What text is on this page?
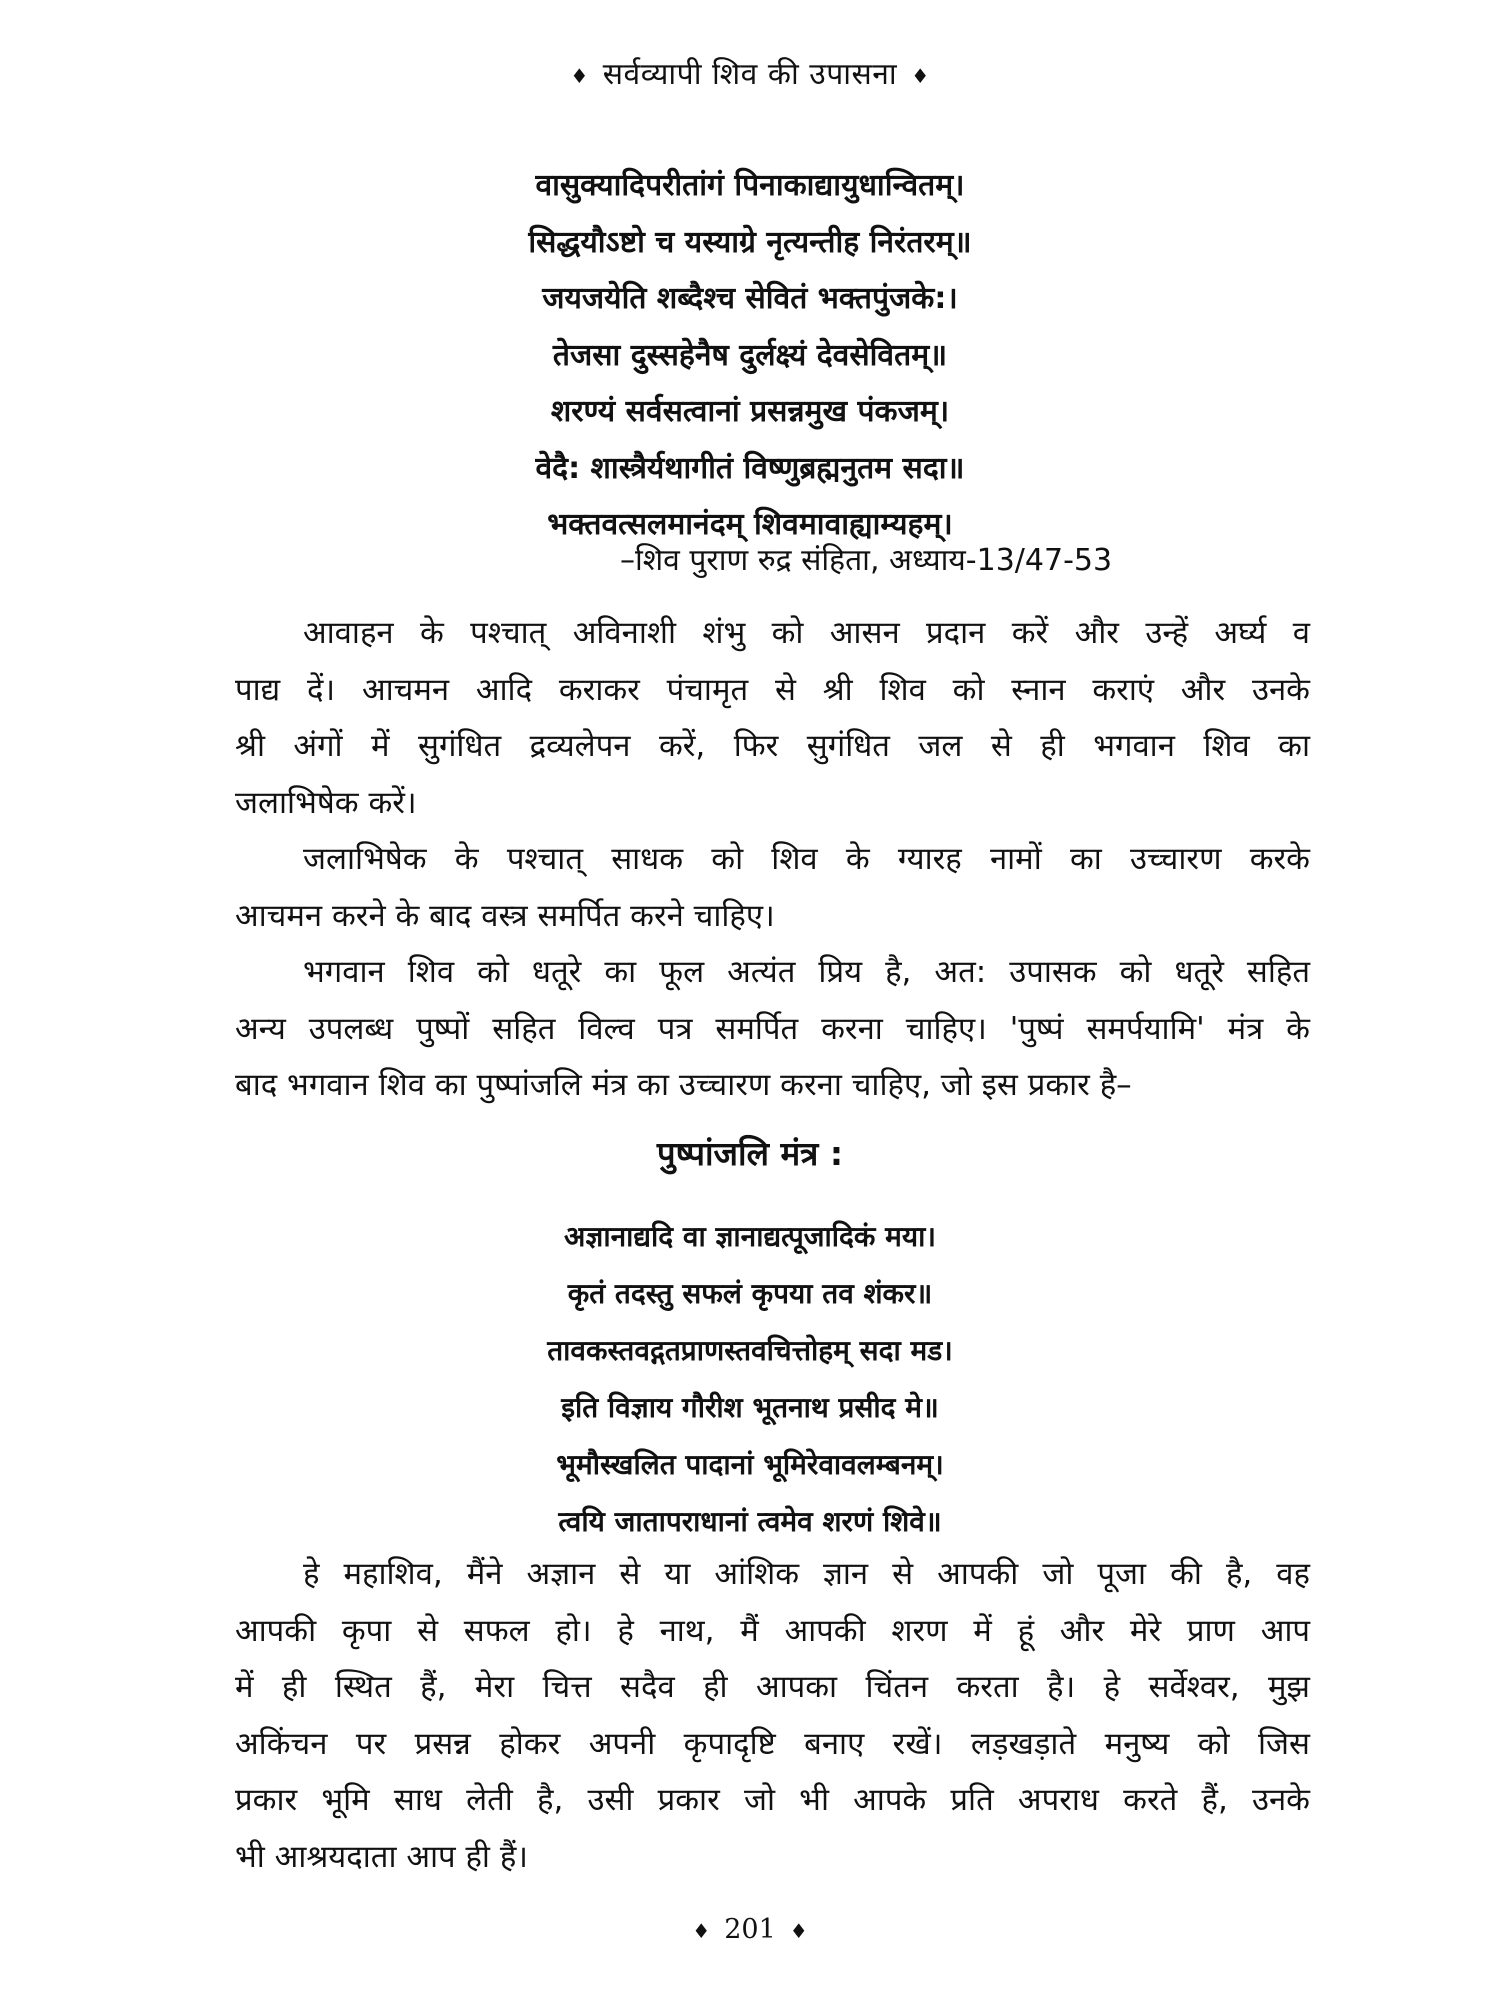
♦ सर्वव्यापी शिव की उपासना ♦
वासुक्यादिपरीतांगं पिनाकाद्यायुधान्वितम्।
सिद्धयौऽष्टो च यस्याग्रे नृत्यन्तीह निरंतरम्॥
जयजयेति शब्दैश्च सेवितं भक्तपुंजके:।
तेजसा दुस्सहेनैष दुर्लक्ष्यं देवसेवितम्॥
शरण्यं सर्वसत्वानां प्रसन्नमुख पंकजम्।
वेदै: शास्त्रैर्यथागीतं विष्णुब्रह्मनुतम सदा॥
भक्तवत्सलमानंदम् शिवमावाह्याम्यहम्।
–शिव पुराण रुद्र संहिता, अध्याय-13/47-53
आवाहन के पश्चात् अविनाशी शंभु को आसन प्रदान करें और उन्हें अर्घ्य व
पाद्य दें। आचमन आदि कराकर पंचामृत से श्री शिव को स्नान कराएं और उनके
श्री अंगों में सुगंधित द्रव्यलेपन करें, फिर सुगंधित जल से ही भगवान शिव का
जलाभिषेक करें।
जलाभिषेक के पश्चात् साधक को शिव के ग्यारह नामों का उच्चारण करके
आचमन करने के बाद वस्त्र समर्पित करने चाहिए।
भगवान शिव को धतूरे का फूल अत्यंत प्रिय है, अत: उपासक को धतूरे सहित
अन्य उपलब्ध पुष्पों सहित विल्व पत्र समर्पित करना चाहिए। 'पुष्पं समर्पयामि' मंत्र के
बाद भगवान शिव का पुष्पांजलि मंत्र का उच्चारण करना चाहिए, जो इस प्रकार है–
पुष्पांजलि मंत्र :
अज्ञानाद्यदि वा ज्ञानाद्यत्पूजादिकं मया।
कृतं तदस्तु सफलं कृपया तव शंकर॥
तावकस्तवद्गतप्राणस्तवचित्तोहम् सदा मड।
इति विज्ञाय गौरीश भूतनाथ प्रसीद मे॥
भूमौस्खलित पादानां भूमिरेवावलम्बनम्।
त्वयि जातापराधानां त्वमेव शरणं शिवे॥
हे महाशिव, मैंने अज्ञान से या आंशिक ज्ञान से आपकी जो पूजा की है, वह
आपकी कृपा से सफल हो। हे नाथ, मैं आपकी शरण में हूं और मेरे प्राण आप
में ही स्थित हैं, मेरा चित्त सदैव ही आपका चिंतन करता है। हे सर्वेश्वर, मुझ
अकिंचन पर प्रसन्न होकर अपनी कृपादृष्टि बनाए रखें। लड़खड़ाते मनुष्य को जिस
प्रकार भूमि साध लेती है, उसी प्रकार जो भी आपके प्रति अपराध करते हैं, उनके
भी आश्रयदाता आप ही हैं।
♦ 201 ♦
